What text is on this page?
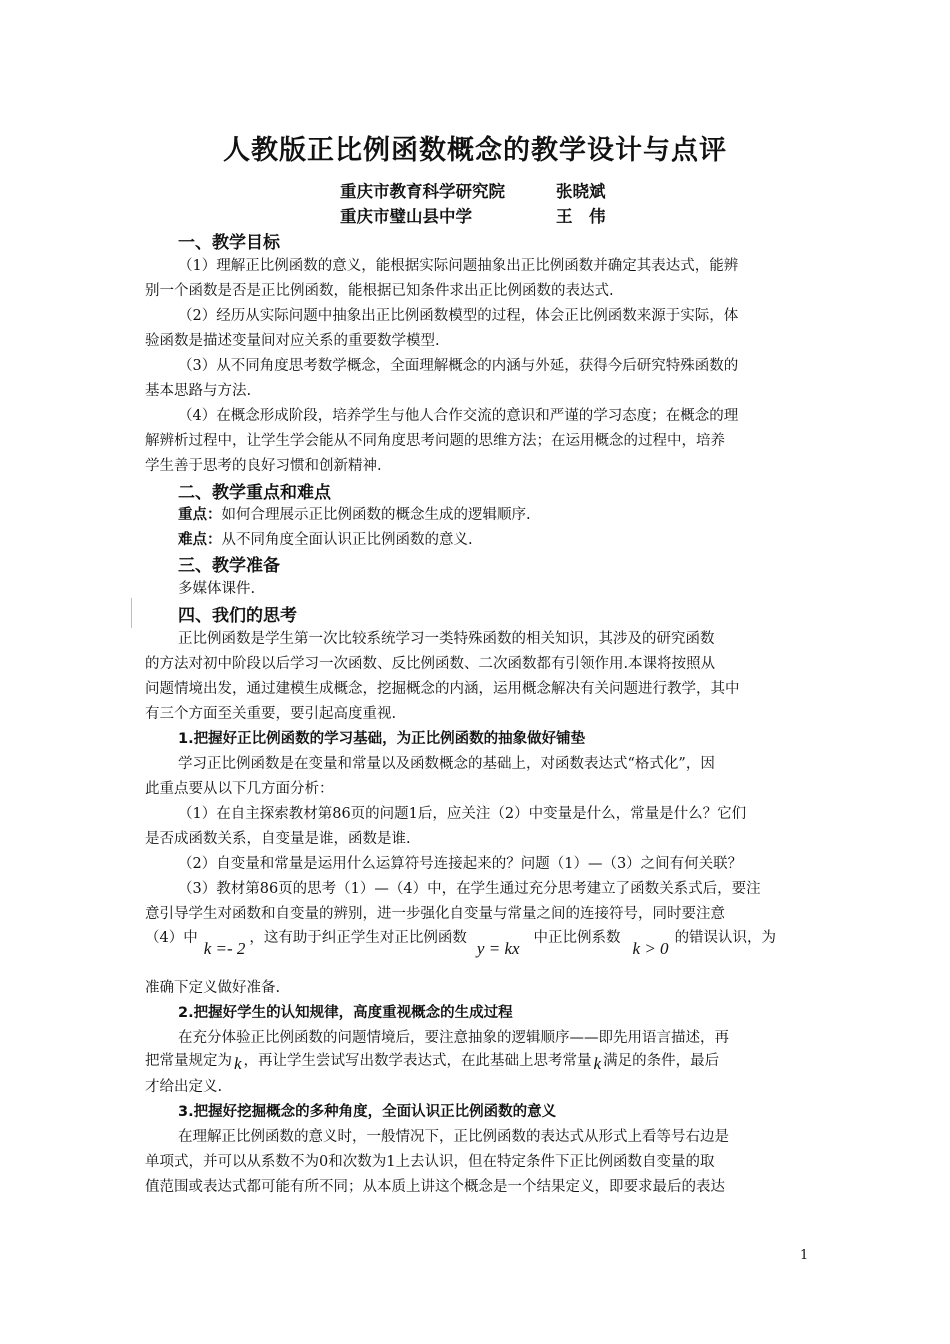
人教版正比例函数概念的教学设计与点评
重庆市教育科学研究院	张晓斌
重庆市璧山县中学	王　伟
一、教学目标
（1）理解正比例函数的意义，能根据实际问题抽象出正比例函数并确定其表达式，能辨
别一个函数是否是正比例函数，能根据已知条件求出正比例函数的表达式.
（2）经历从实际问题中抽象出正比例函数模型的过程，体会正比例函数来源于实际，体
验函数是描述变量间对应关系的重要数学模型.
（3）从不同角度思考数学概念，全面理解概念的内涵与外延，获得今后研究特殊函数的
基本思路与方法.
（4）在概念形成阶段，培养学生与他人合作交流的意识和严谨的学习态度；在概念的理
解辨析过程中，让学生学会能从不同角度思考问题的思维方法；在运用概念的过程中，培养
学生善于思考的良好习惯和创新精神.
二、教学重点和难点
重点：如何合理展示正比例函数的概念生成的逻辑顺序.
难点：从不同角度全面认识正比例函数的意义.
三、教学准备
多媒体课件.
四、我们的思考
正比例函数是学生第一次比较系统学习一类特殊函数的相关知识，其涉及的研究函数
的方法对初中阶段以后学习一次函数、反比例函数、二次函数都有引领作用.本课将按照从
问题情境出发，通过建模生成概念，挖掘概念的内涵，运用概念解决有关问题进行教学，其中
有三个方面至关重要，要引起高度重视.
1.把握好正比例函数的学习基础，为正比例函数的抽象做好铺垫
学习正比例函数是在变量和常量以及函数概念的基础上，对函数表达式“格式化”，因
此重点要从以下几方面分析：
（1）在自主探索教材第86页的问题1后，应关注（2）中变量是什么，常量是什么？它们
是否成函数关系，自变量是谁，函数是谁.
（2）自变量和常量是运用什么运算符号连接起来的？问题（1）—（3）之间有何关联？
（3）教材第86页的思考（1）—（4）中，在学生通过充分思考建立了函数关系式后，要注
意引导学生对函数和自变量的辨别，进一步强化自变量与常量之间的连接符号，同时要注意
（4）中k =- 2，这有助于纠正学生对正比例函数y = kx中正比例系数k > 0的错误认识，为
准确下定义做好准备.
2.把握好学生的认知规律，高度重视概念的生成过程
在充分体验正比例函数的问题情境后，要注意抽象的逻辑顺序——即先用语言描述，再
把常量规定为 k ，再让学生尝试写出数学表达式，在此基础上思考常量 k 满足的条件，最后
才给出定义.
3.把握好挖掘概念的多种角度，全面认识正比例函数的意义
在理解正比例函数的意义时，一般情况下，正比例函数的表达式从形式上看等号右边是
单项式，并可以从系数不为0和次数为1上去认识，但在特定条件下正比例函数自变量的取
值范围或表达式都可能有所不同；从本质上讲这个概念是一个结果定义，即要求最后的表达
1
